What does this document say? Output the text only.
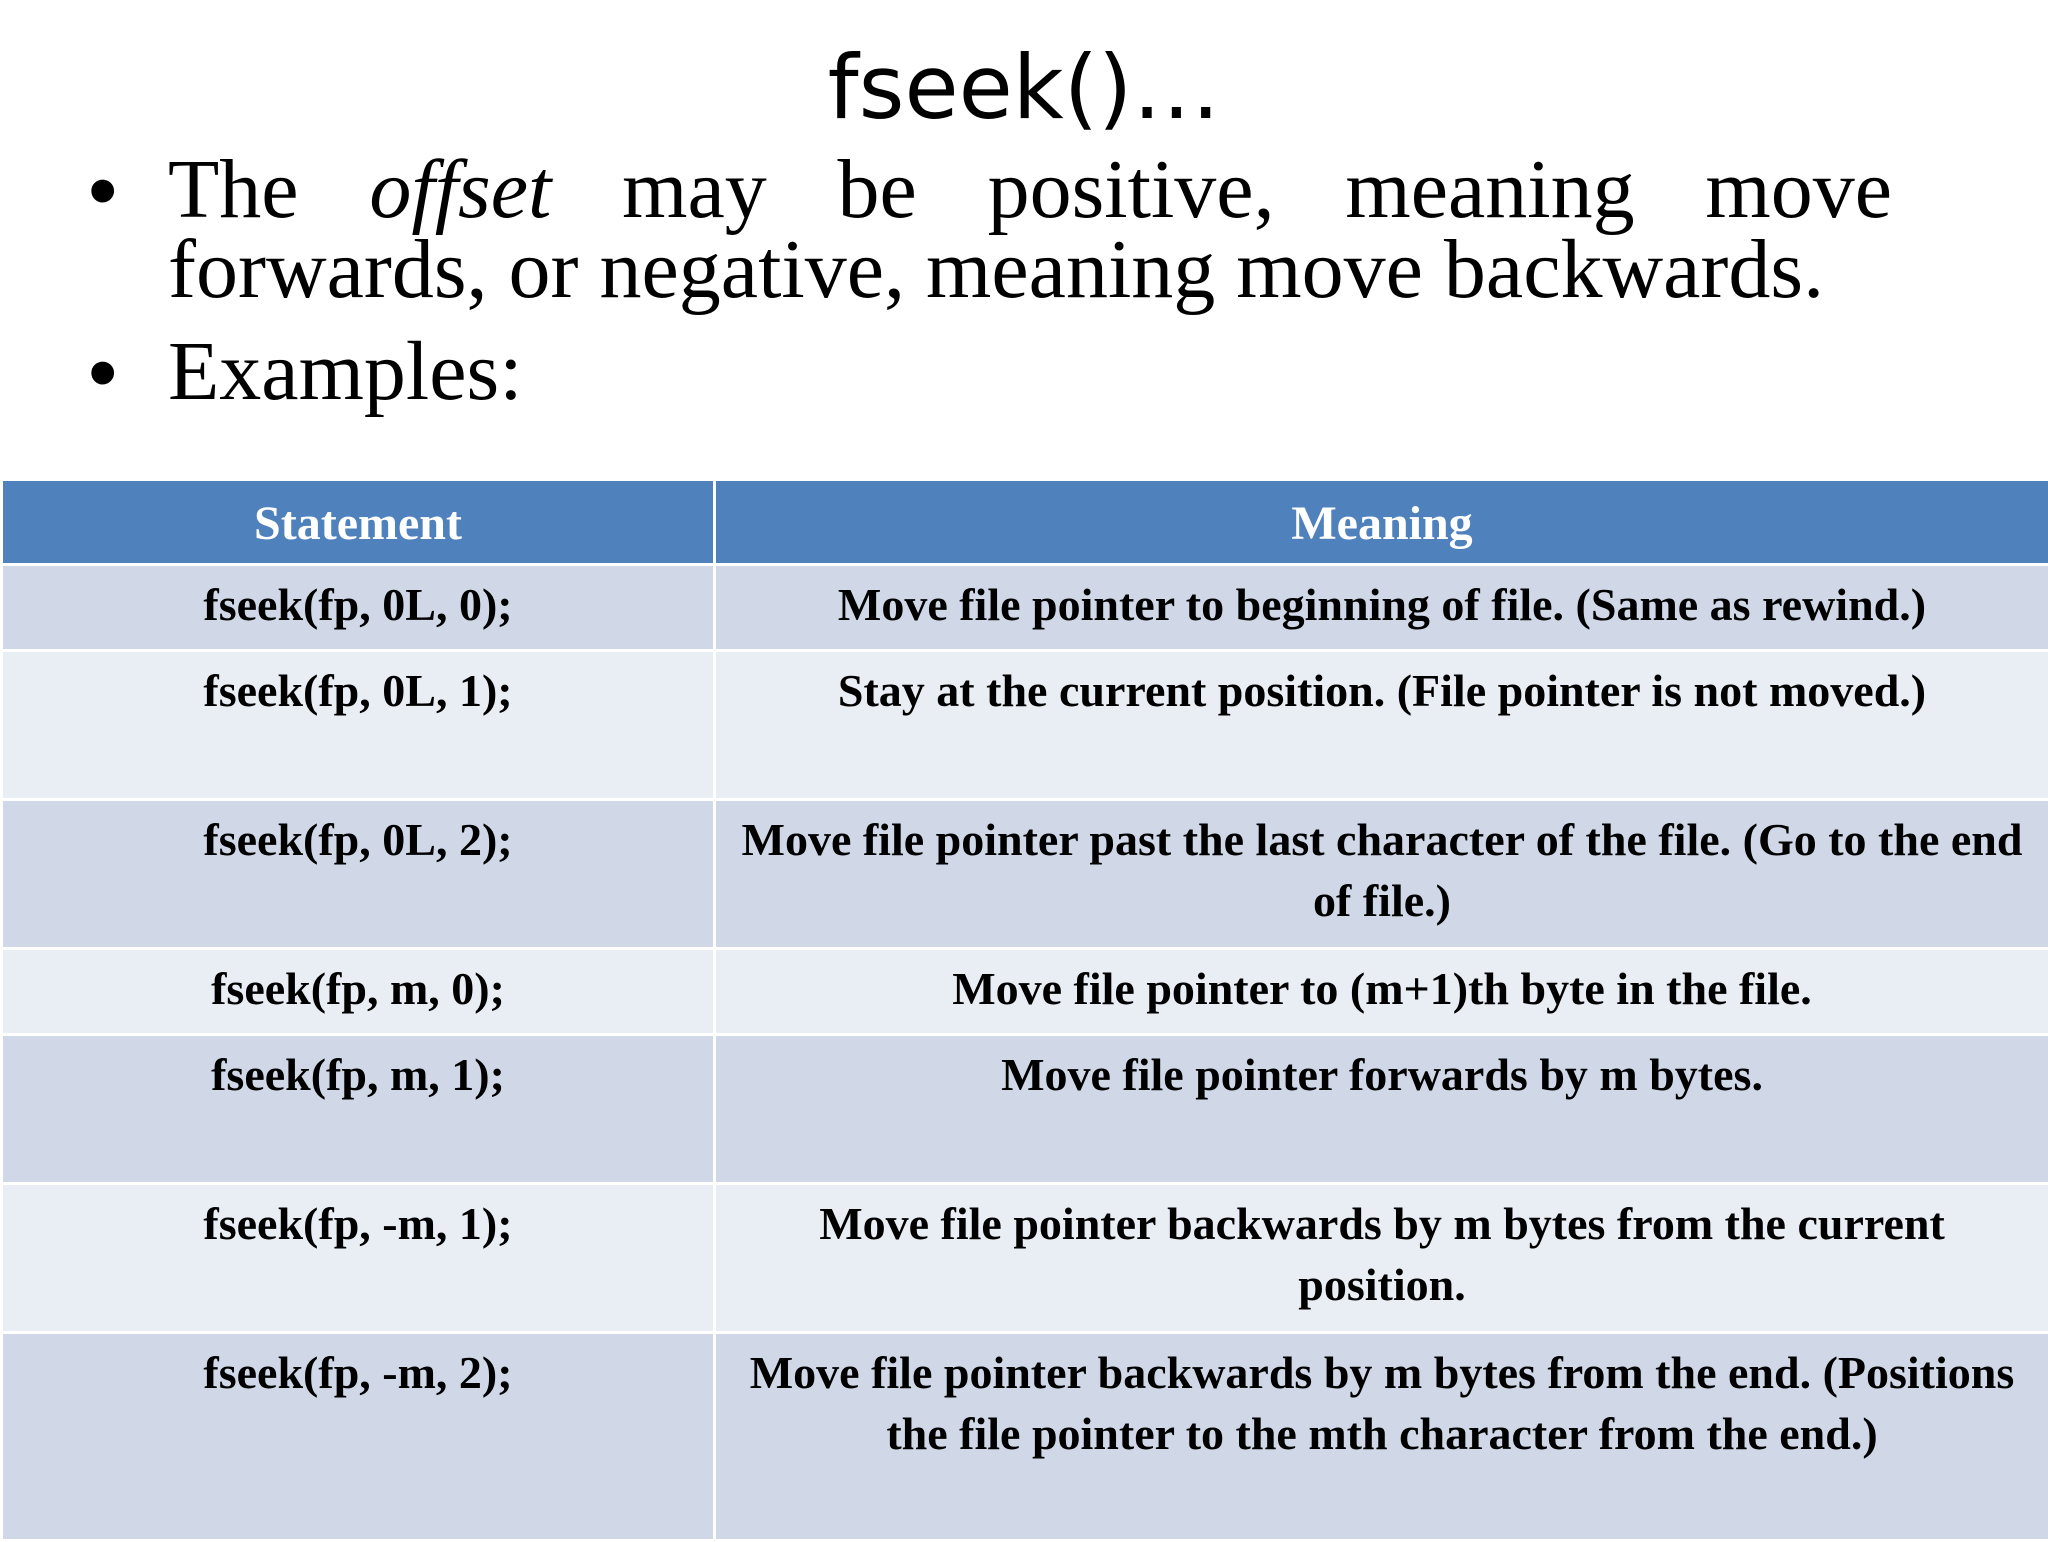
fseek()…
• The offset may be positive, meaning move forwards, or negative, meaning move backwards.
• Examples:
Statement	Meaning
fseek(fp, 0L, 0);	Move file pointer to beginning of file. (Same as rewind.)
fseek(fp, 0L, 1);	Stay at the current position. (File pointer is not moved.)
fseek(fp, 0L, 2);	Move file pointer past the last character of the file. (Go to the end of file.)
fseek(fp, m, 0);	Move file pointer to (m+1)th byte in the file.
fseek(fp, m, 1);	Move file pointer forwards by m bytes.
fseek(fp, -m, 1);	Move file pointer backwards by m bytes from the current position.
fseek(fp, -m, 2);	Move file pointer backwards by m bytes from the end. (Positions the file pointer to the mth character from the end.)
